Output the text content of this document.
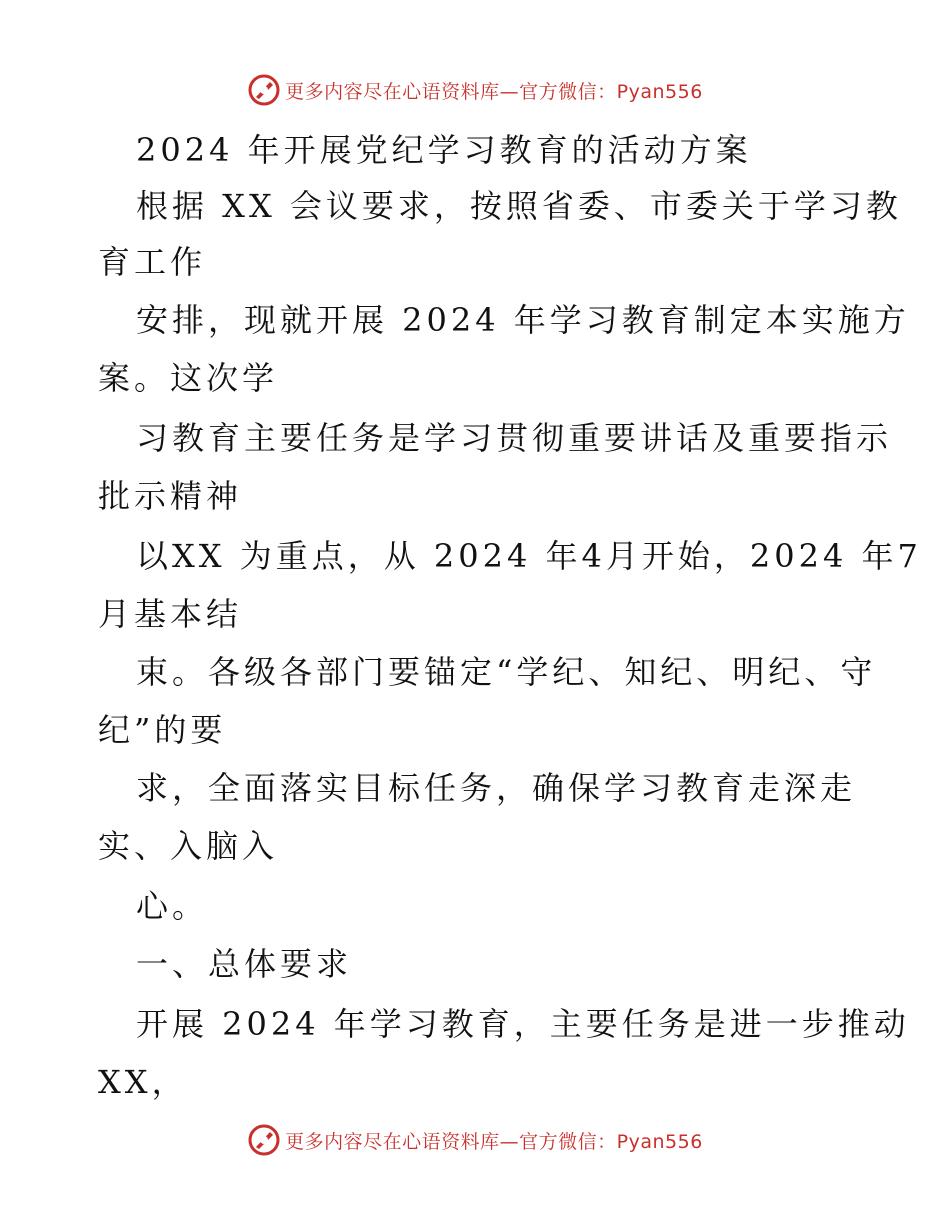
更多内容尽在心语资料库—官方微信：Pyan556
2024 年开展党纪学习教育的活动方案
根据 XX 会议要求，按照省委、市委关于学习教
育工作
安排，现就开展 2024 年学习教育制定本实施方
案。这次学
习教育主要任务是学习贯彻重要讲话及重要指示
批示精神
以XX 为重点，从 2024 年4月开始，2024 年7
月基本结
束。各级各部门要锚定“学纪、知纪、明纪、守
纪”的要
求，全面落实目标任务，确保学习教育走深走
实、入脑入
心。
一、总体要求
开展 2024 年学习教育，主要任务是进一步推动
XX，
更多内容尽在心语资料库—官方微信：Pyan556
